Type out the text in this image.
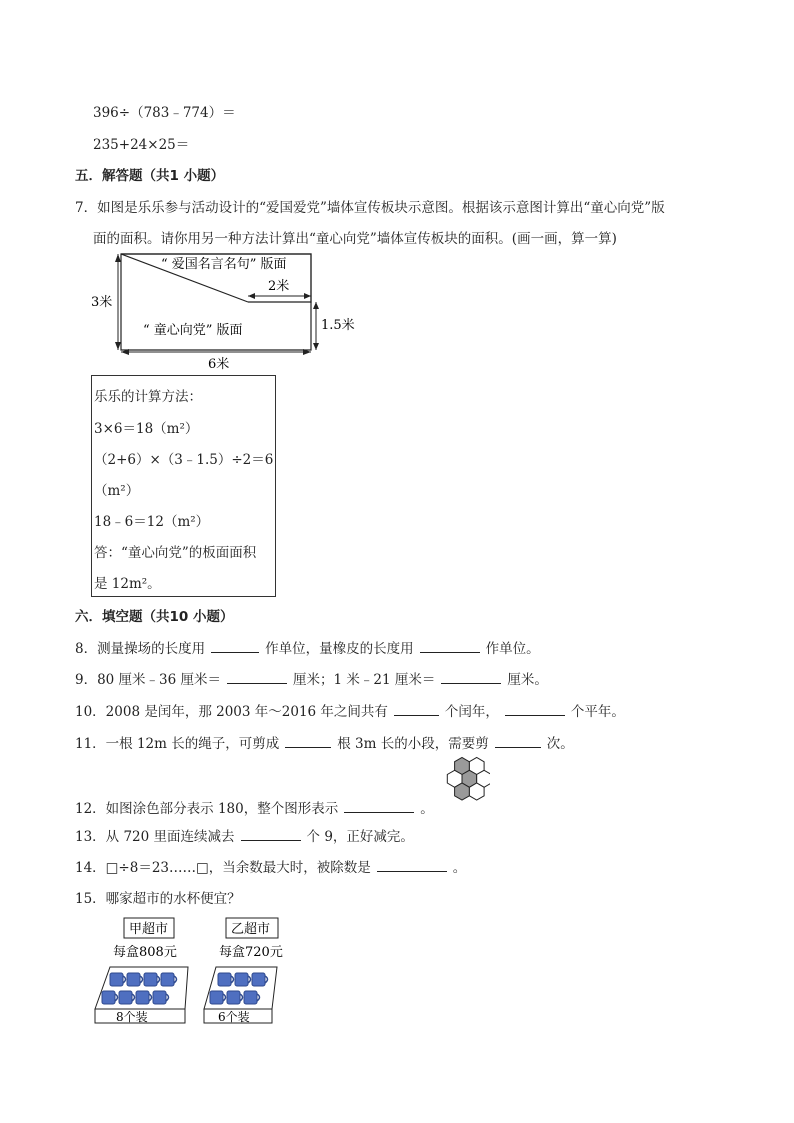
396÷（783﹣774）＝
235+24×25＝
五．解答题（共1 小题）
7．如图是乐乐参与活动设计的“爱国爱党”墙体宣传板块示意图。根据该示意图计算出“童心向党”版
面的面积。请你用另一种方法计算出“童心向党”墙体宣传板块的面积。(画一画，算一算)
“ 爱国名言名句” 版面
“ 童心向党” 版面
3米
6米
1.5米
2米
乐乐的计算方法：
3×6＝18（m²）
（2+6）×（3﹣1.5）÷2＝6
（m²）
18﹣6＝12（m²）
答：“童心向党”的板面面积
是 12m²。
六．填空题（共10 小题）
8．测量操场的长度用	作单位，量橡皮的长度用	作单位。
9．80 厘米﹣36 厘米＝	厘米；1 米﹣21 厘米＝	厘米。
10．2008 是闰年，那 2003 年～2016 年之间共有	个闰年，	个平年。
11．一根 12m 长的绳子，可剪成	根 3m 长的小段，需要剪	次。
12．如图涂色部分表示 180，整个图形表示	。
13．从 720 里面连续减去	个 9，正好减完。
14．□÷8＝23……□，当余数最大时，被除数是	。
15．哪家超市的水杯便宜？
甲超市
每盒808元
8个装
乙超市
每盒720元
6个装
